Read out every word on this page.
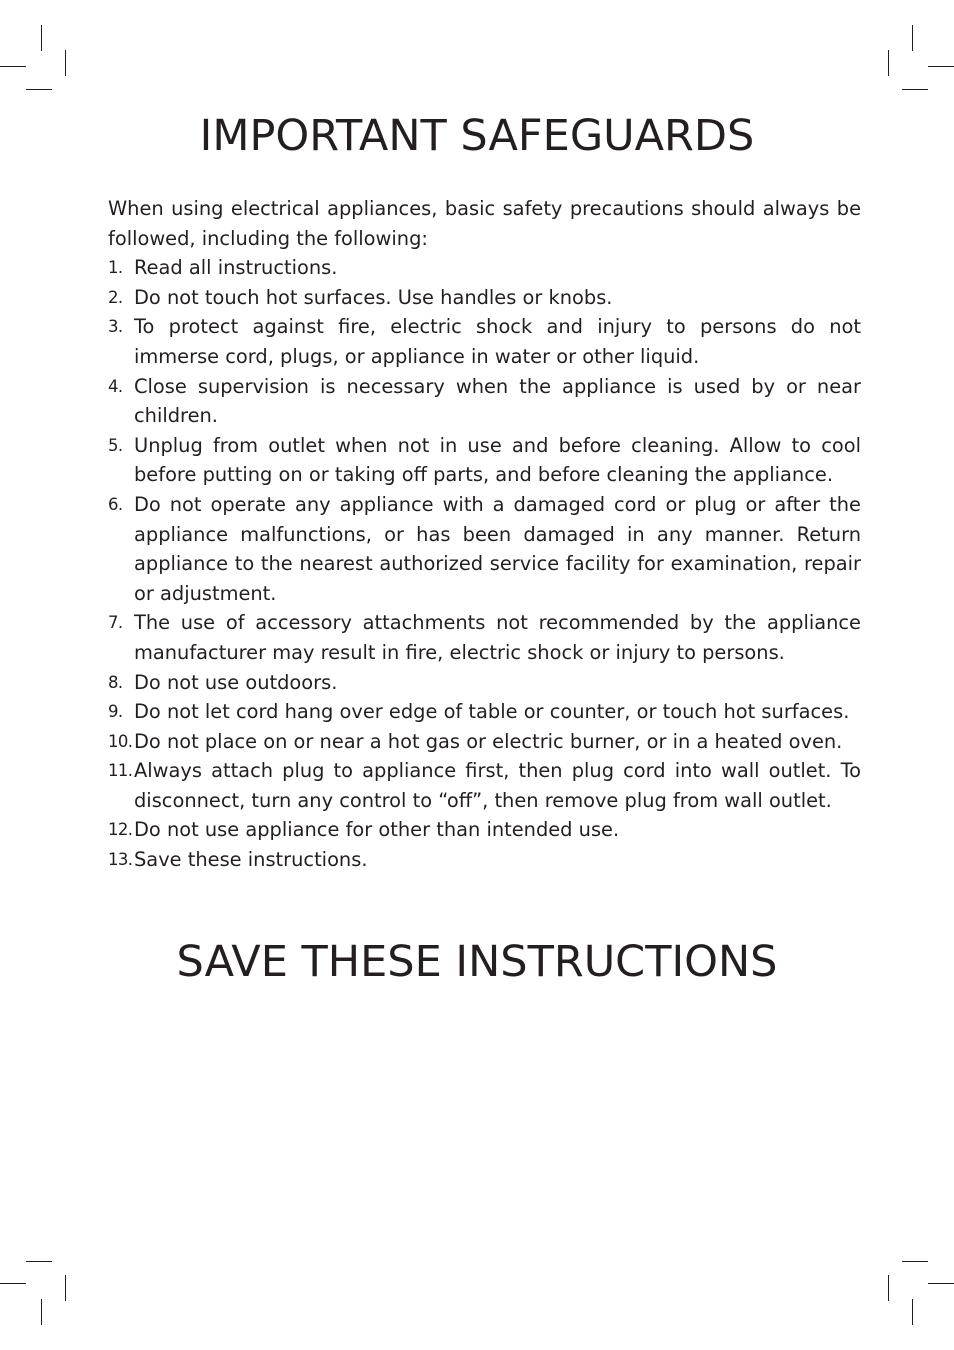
IMPORTANT SAFEGUARDS

When using electrical appliances, basic safety precautions should always be followed, including the following:

1. Read all instructions.
2. Do not touch hot surfaces. Use handles or knobs.
3. To protect against fire, electric shock and injury to persons do not immerse cord, plugs, or appliance in water or other liquid.
4. Close supervision is necessary when the appliance is used by or near children.
5. Unplug from outlet when not in use and before cleaning. Allow to cool before putting on or taking off parts, and before cleaning the appliance.
6. Do not operate any appliance with a damaged cord or plug or after the appliance malfunctions, or has been damaged in any manner. Return appliance to the nearest authorized service facility for examination, repair or adjustment.
7. The use of accessory attachments not recommended by the appliance manufacturer may result in fire, electric shock or injury to persons.
8. Do not use outdoors.
9. Do not let cord hang over edge of table or counter, or touch hot surfaces.
10. Do not place on or near a hot gas or electric burner, or in a heated oven.
11. Always attach plug to appliance first, then plug cord into wall outlet. To disconnect, turn any control to “off”, then remove plug from wall outlet.
12. Do not use appliance for other than intended use.
13. Save these instructions.
SAVE THESE INSTRUCTIONS
